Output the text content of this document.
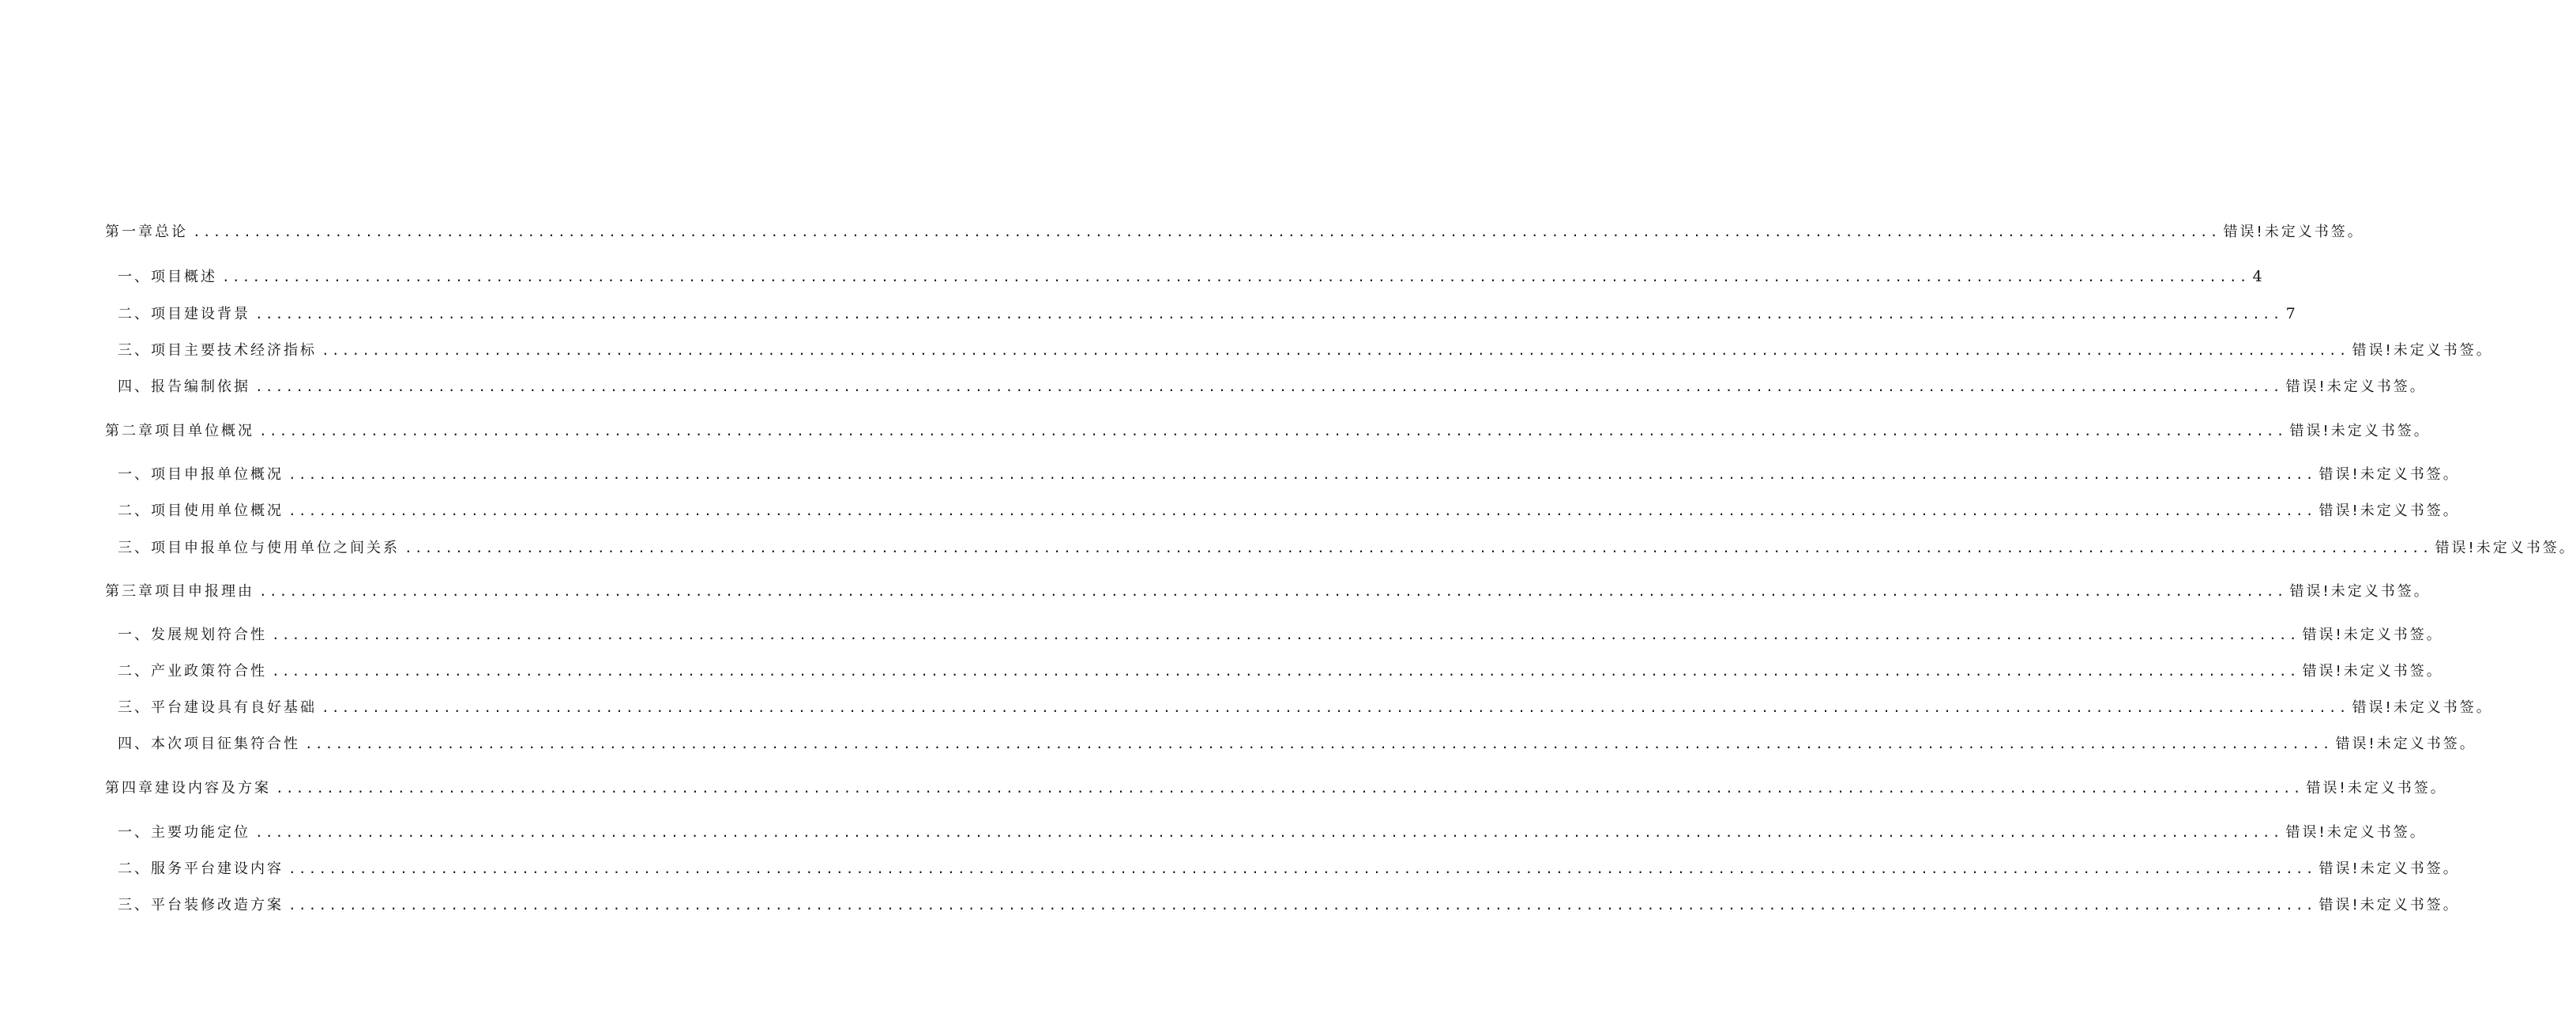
第一章总论 ........................................................................................................................................................................................................ 错误!未定义书签。
一、项目概述 ........................................................................................................................................................................................................ 4
二、项目建设背景 ........................................................................................................................................................................................................ 7
三、项目主要技术经济指标 ........................................................................................................................................................................................................ 错误!未定义书签。
四、报告编制依据 ........................................................................................................................................................................................................ 错误!未定义书签。
第二章项目单位概况 ........................................................................................................................................................................................................ 错误!未定义书签。
一、项目申报单位概况 ........................................................................................................................................................................................................ 错误!未定义书签。
二、项目使用单位概况 ........................................................................................................................................................................................................ 错误!未定义书签。
三、项目申报单位与使用单位之间关系 ........................................................................................................................................................................................................ 错误!未定义书签。
第三章项目申报理由 ........................................................................................................................................................................................................ 错误!未定义书签。
一、发展规划符合性 ........................................................................................................................................................................................................ 错误!未定义书签。
二、产业政策符合性 ........................................................................................................................................................................................................ 错误!未定义书签。
三、平台建设具有良好基础 ........................................................................................................................................................................................................ 错误!未定义书签。
四、本次项目征集符合性 ........................................................................................................................................................................................................ 错误!未定义书签。
第四章建设内容及方案 ........................................................................................................................................................................................................ 错误!未定义书签。
一、主要功能定位 ........................................................................................................................................................................................................ 错误!未定义书签。
二、服务平台建设内容 ........................................................................................................................................................................................................ 错误!未定义书签。
三、平台装修改造方案 ........................................................................................................................................................................................................ 错误!未定义书签。
